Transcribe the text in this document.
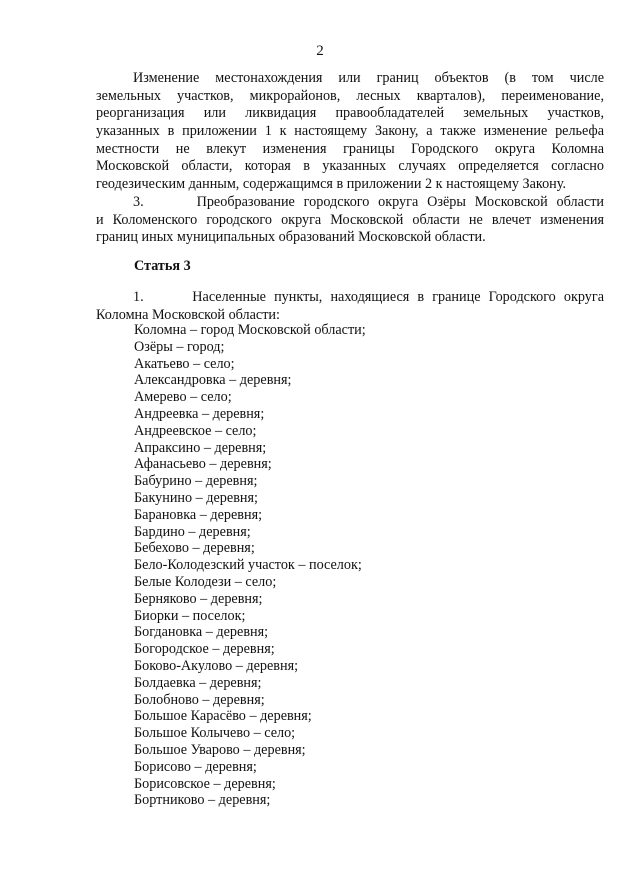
2
Изменение местонахождения или границ объектов (в том числе
земельных участков, микрорайонов, лесных кварталов), переименование,
реорганизация или ликвидация правообладателей земельных участков,
указанных в приложении 1 к настоящему Закону, а также изменение рельефа
местности не влекут изменения границы Городского округа Коломна
Московской области, которая в указанных случаях определяется согласно
геодезическим данным, содержащимся в приложении 2 к настоящему Закону.
3.      Преобразование городского округа Озёры Московской области
и Коломенского городского округа Московской области не влечет изменения
границ иных муниципальных образований Московской области.
Статья 3
1.      Населенные пункты, находящиеся в границе Городского округа
Коломна Московской области:
Коломна – город Московской области;
Озёры – город;
Акатьево – село;
Александровка – деревня;
Амерево – село;
Андреевка – деревня;
Андреевское – село;
Апраксино – деревня;
Афанасьево – деревня;
Бабурино – деревня;
Бакунино – деревня;
Барановка – деревня;
Бардино – деревня;
Бебехово – деревня;
Бело-Колодезский участок – поселок;
Белые Колодези – село;
Берняково – деревня;
Биорки – поселок;
Богдановка – деревня;
Богородское – деревня;
Боково-Акулово – деревня;
Болдаевка – деревня;
Болобново – деревня;
Большое Карасёво – деревня;
Большое Колычево – село;
Большое Уварово – деревня;
Борисово – деревня;
Борисовское – деревня;
Бортниково – деревня;
